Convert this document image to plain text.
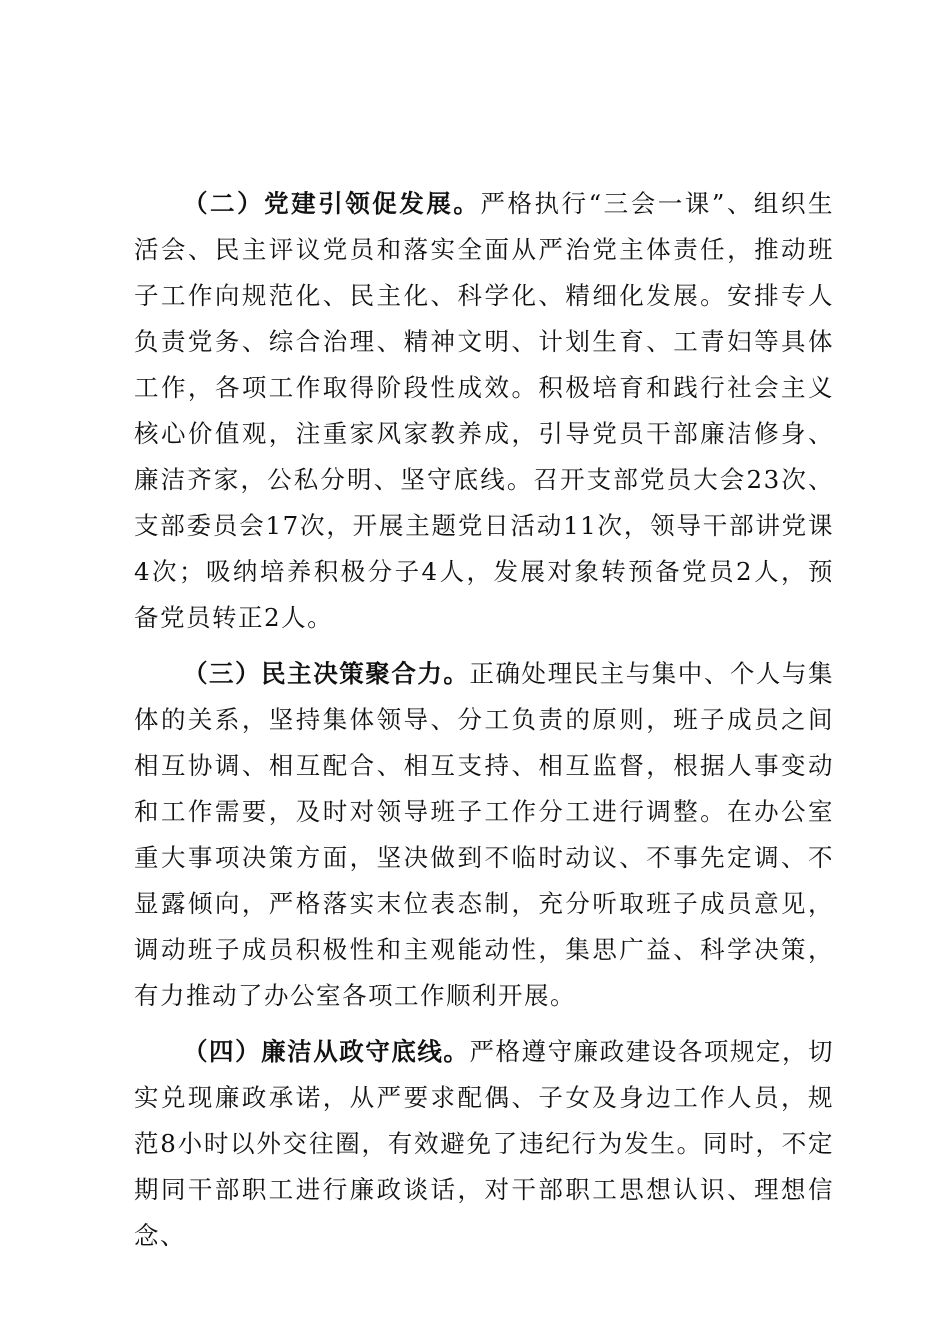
（二）党建引领促发展。严格执行“三会一课”、组织生活会、民主评议党员和落实全面从严治党主体责任，推动班子工作向规范化、民主化、科学化、精细化发展。安排专人负责党务、综合治理、精神文明、计划生育、工青妇等具体工作，各项工作取得阶段性成效。积极培育和践行社会主义核心价值观，注重家风家教养成，引导党员干部廉洁修身、廉洁齐家，公私分明、坚守底线。召开支部党员大会23次、支部委员会17次，开展主题党日活动11次，领导干部讲党课4次；吸纳培养积极分子4人，发展对象转预备党员2人，预备党员转正2人。

（三）民主决策聚合力。正确处理民主与集中、个人与集体的关系，坚持集体领导、分工负责的原则，班子成员之间相互协调、相互配合、相互支持、相互监督，根据人事变动和工作需要，及时对领导班子工作分工进行调整。在办公室重大事项决策方面，坚决做到不临时动议、不事先定调、不显露倾向，严格落实末位表态制，充分听取班子成员意见，调动班子成员积极性和主观能动性，集思广益、科学决策，有力推动了办公室各项工作顺利开展。

（四）廉洁从政守底线。严格遵守廉政建设各项规定，切实兑现廉政承诺，从严要求配偶、子女及身边工作人员，规范8小时以外交往圈，有效避免了违纪行为发生。同时，不定期同干部职工进行廉政谈话，对干部职工思想认识、理想信念、
